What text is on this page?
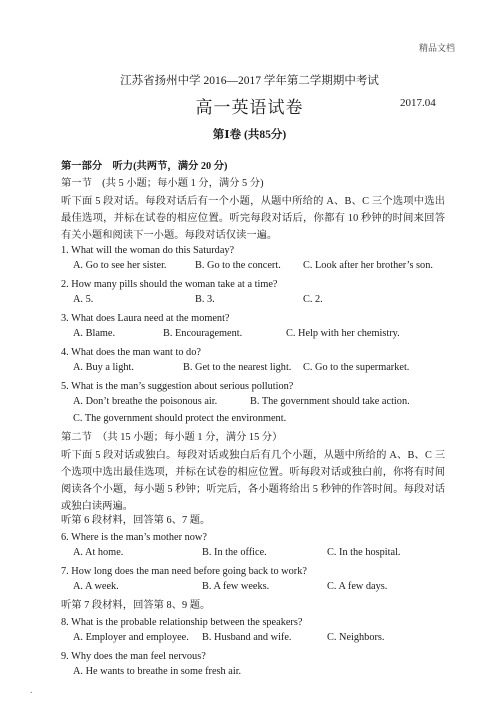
精品文档
江苏省扬州中学 2016—2017 学年第二学期期中考试
高一英语试卷	2017.04
第Ⅰ卷 (共85分)
第一部分　听力(共两节，满分 20 分)
第一节　(共 5 小题；每小题 1 分，满分 5 分)
听下面 5 段对话。每段对话后有一个小题，从题中所给的 A、B、C 三个选项中选出最佳选项，并标在试卷的相应位置。听完每段对话后，你都有 10 秒钟的时间来回答有关小题和阅读下一小题。每段对话仅读一遍。
1. What will the woman do this Saturday?
A. Go to see her sister.	B. Go to the concert. C. Look after her brother’s son.
2. How many pills should the woman take at a time?
A. 5.	B. 3.	C. 2.
3. What does Laura need at the moment?
A. Blame.	B. Encouragement.	C. Help with her chemistry.
4. What does the man want to do?
A. Buy a light.	B. Get to the nearest light. C. Go to the supermarket.
5. What is the man’s suggestion about serious pollution?
A. Don’t breathe the poisonous air.	B. The government should take action.
C. The government should protect the environment.
第二节　（共 15 小题；每小题 1 分，满分 15 分）
听下面 5 段对话或独白。每段对话或独白后有几个小题，从题中所给的 A、B、C 三个选项中选出最佳选项，并标在试卷的相应位置。听每段对话或独白前，你将有时间阅读各个小题，每小题 5 秒钟；听完后，各小题将给出 5 秒钟的作答时间。每段对话或独白读两遍。
听第 6 段材料，回答第 6、7 题。
6. Where is the man’s mother now?
A. At home.	B. In the office.	C. In the hospital.
7. How long does the man need before going back to work?
A. A week.	B. A few weeks.	C. A few days.
听第 7 段材料，回答第 8、9 题。
8. What is the probable relationship between the speakers?
A. Employer and employee. B. Husband and wife.	C. Neighbors.
9. Why does the man feel nervous?
A. He wants to breathe in some fresh air.
.
